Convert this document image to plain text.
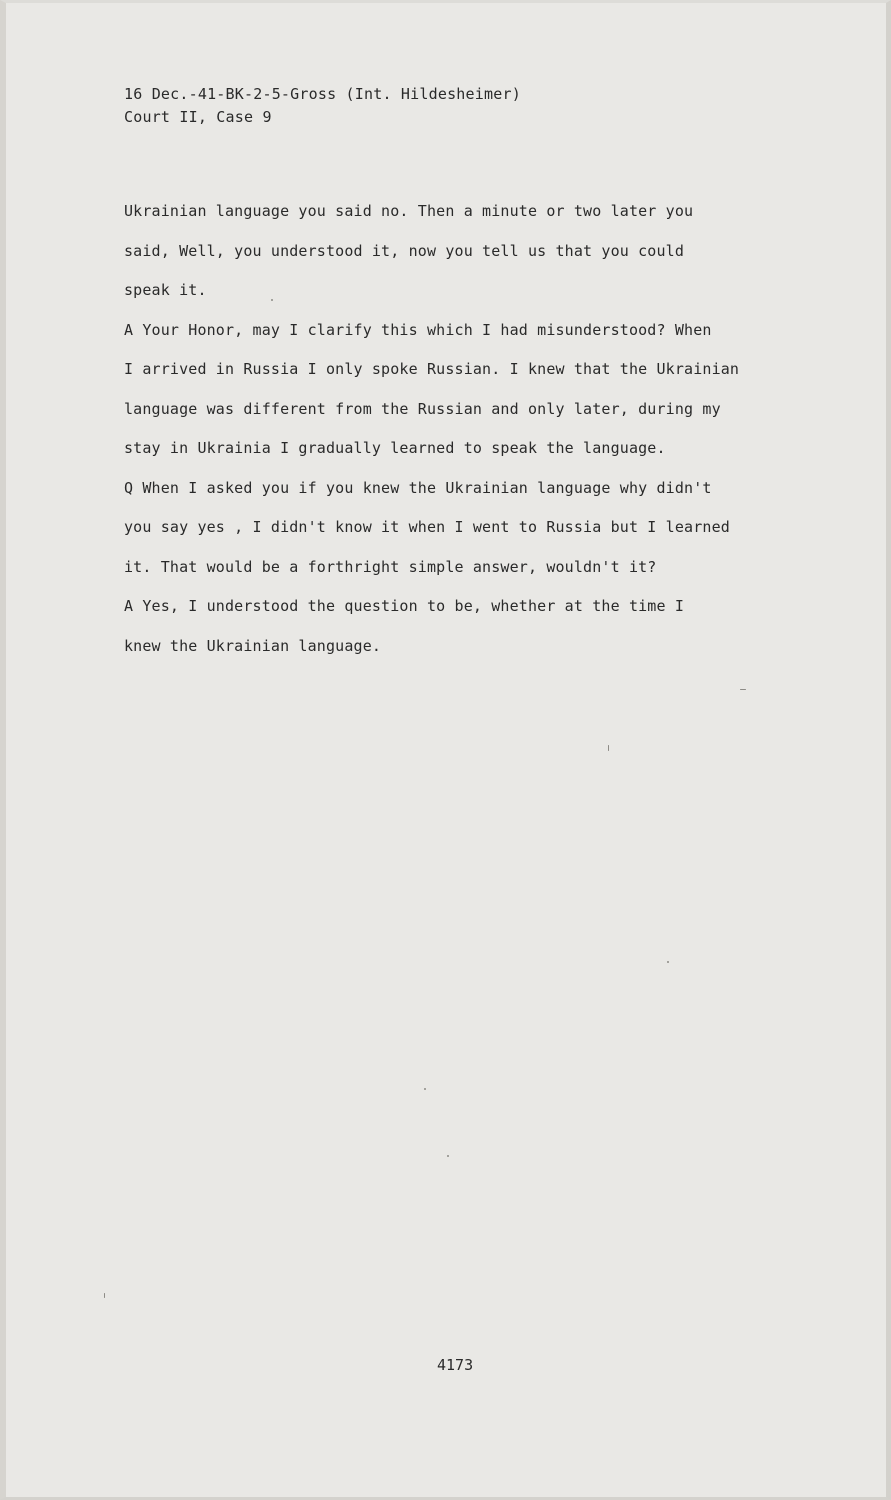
16 Dec.-41-BK-2-5-Gross (Int. Hildesheimer)
Court II, Case 9
Ukrainian language you said no. Then a minute or two later you
said, Well, you understood it, now you tell us that you could
speak it.
A Your Honor, may I clarify this which I had misunderstood? When
I arrived in Russia I only spoke Russian. I knew that the Ukrainian
language was different from the Russian and only later, during my
stay in Ukrainia I gradually learned to speak the language.
Q When I asked you if you knew the Ukrainian language why didn't
you say yes , I didn't know it when I went to Russia but I learned
it. That would be a forthright simple answer, wouldn't it?
A Yes, I understood the question to be, whether at the time I
knew the Ukrainian language.
4173
